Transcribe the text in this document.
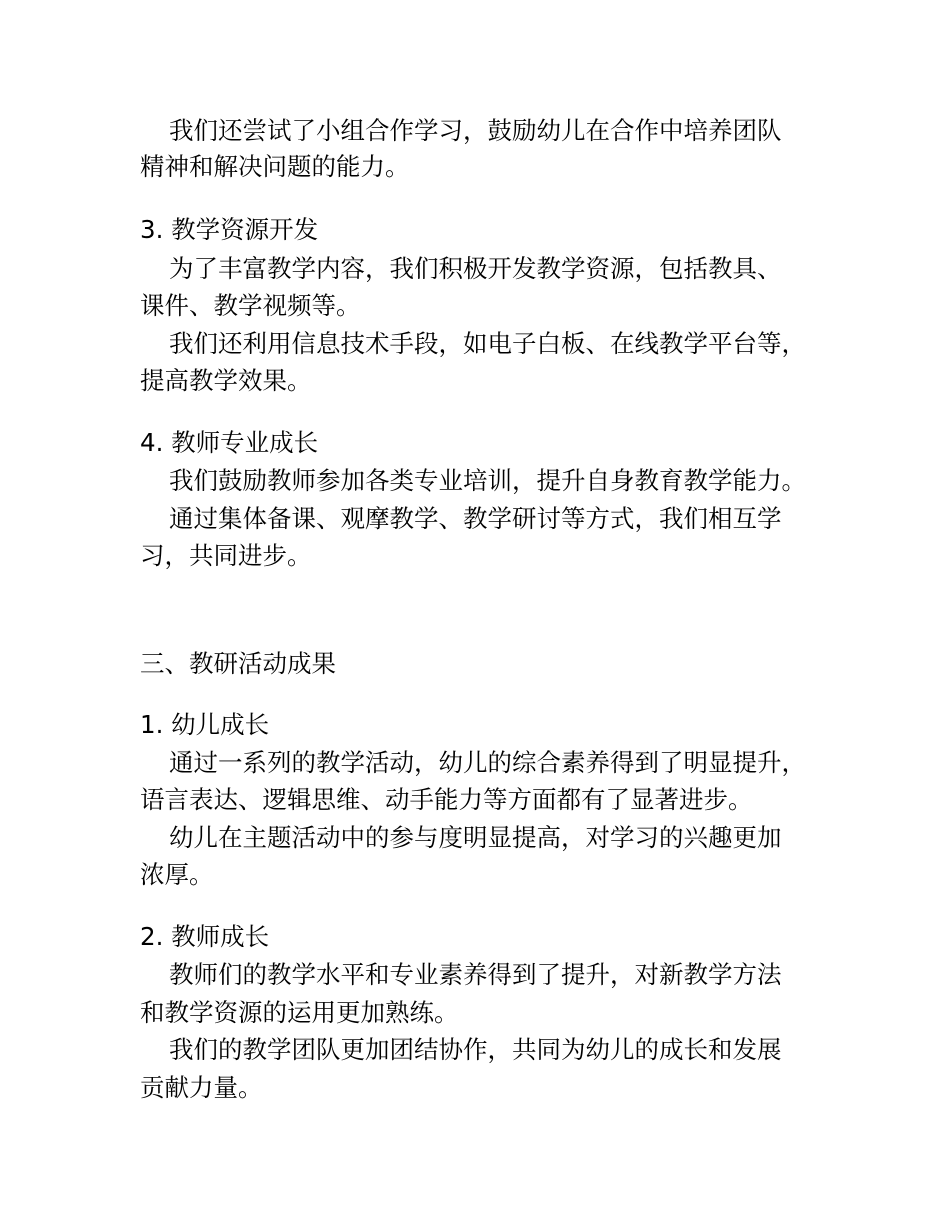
我们还尝试了小组合作学习，鼓励幼儿在合作中培养团队
精神和解决问题的能力。
3. 教学资源开发
为了丰富教学内容，我们积极开发教学资源，包括教具、
课件、教学视频等。
我们还利用信息技术手段，如电子白板、在线教学平台等，
提高教学效果。
4. 教师专业成长
我们鼓励教师参加各类专业培训，提升自身教育教学能力。
通过集体备课、观摩教学、教学研讨等方式，我们相互学
习，共同进步。
三、教研活动成果
1. 幼儿成长
通过一系列的教学活动，幼儿的综合素养得到了明显提升，
语言表达、逻辑思维、动手能力等方面都有了显著进步。
幼儿在主题活动中的参与度明显提高，对学习的兴趣更加
浓厚。
2. 教师成长
教师们的教学水平和专业素养得到了提升，对新教学方法
和教学资源的运用更加熟练。
我们的教学团队更加团结协作，共同为幼儿的成长和发展
贡献力量。
